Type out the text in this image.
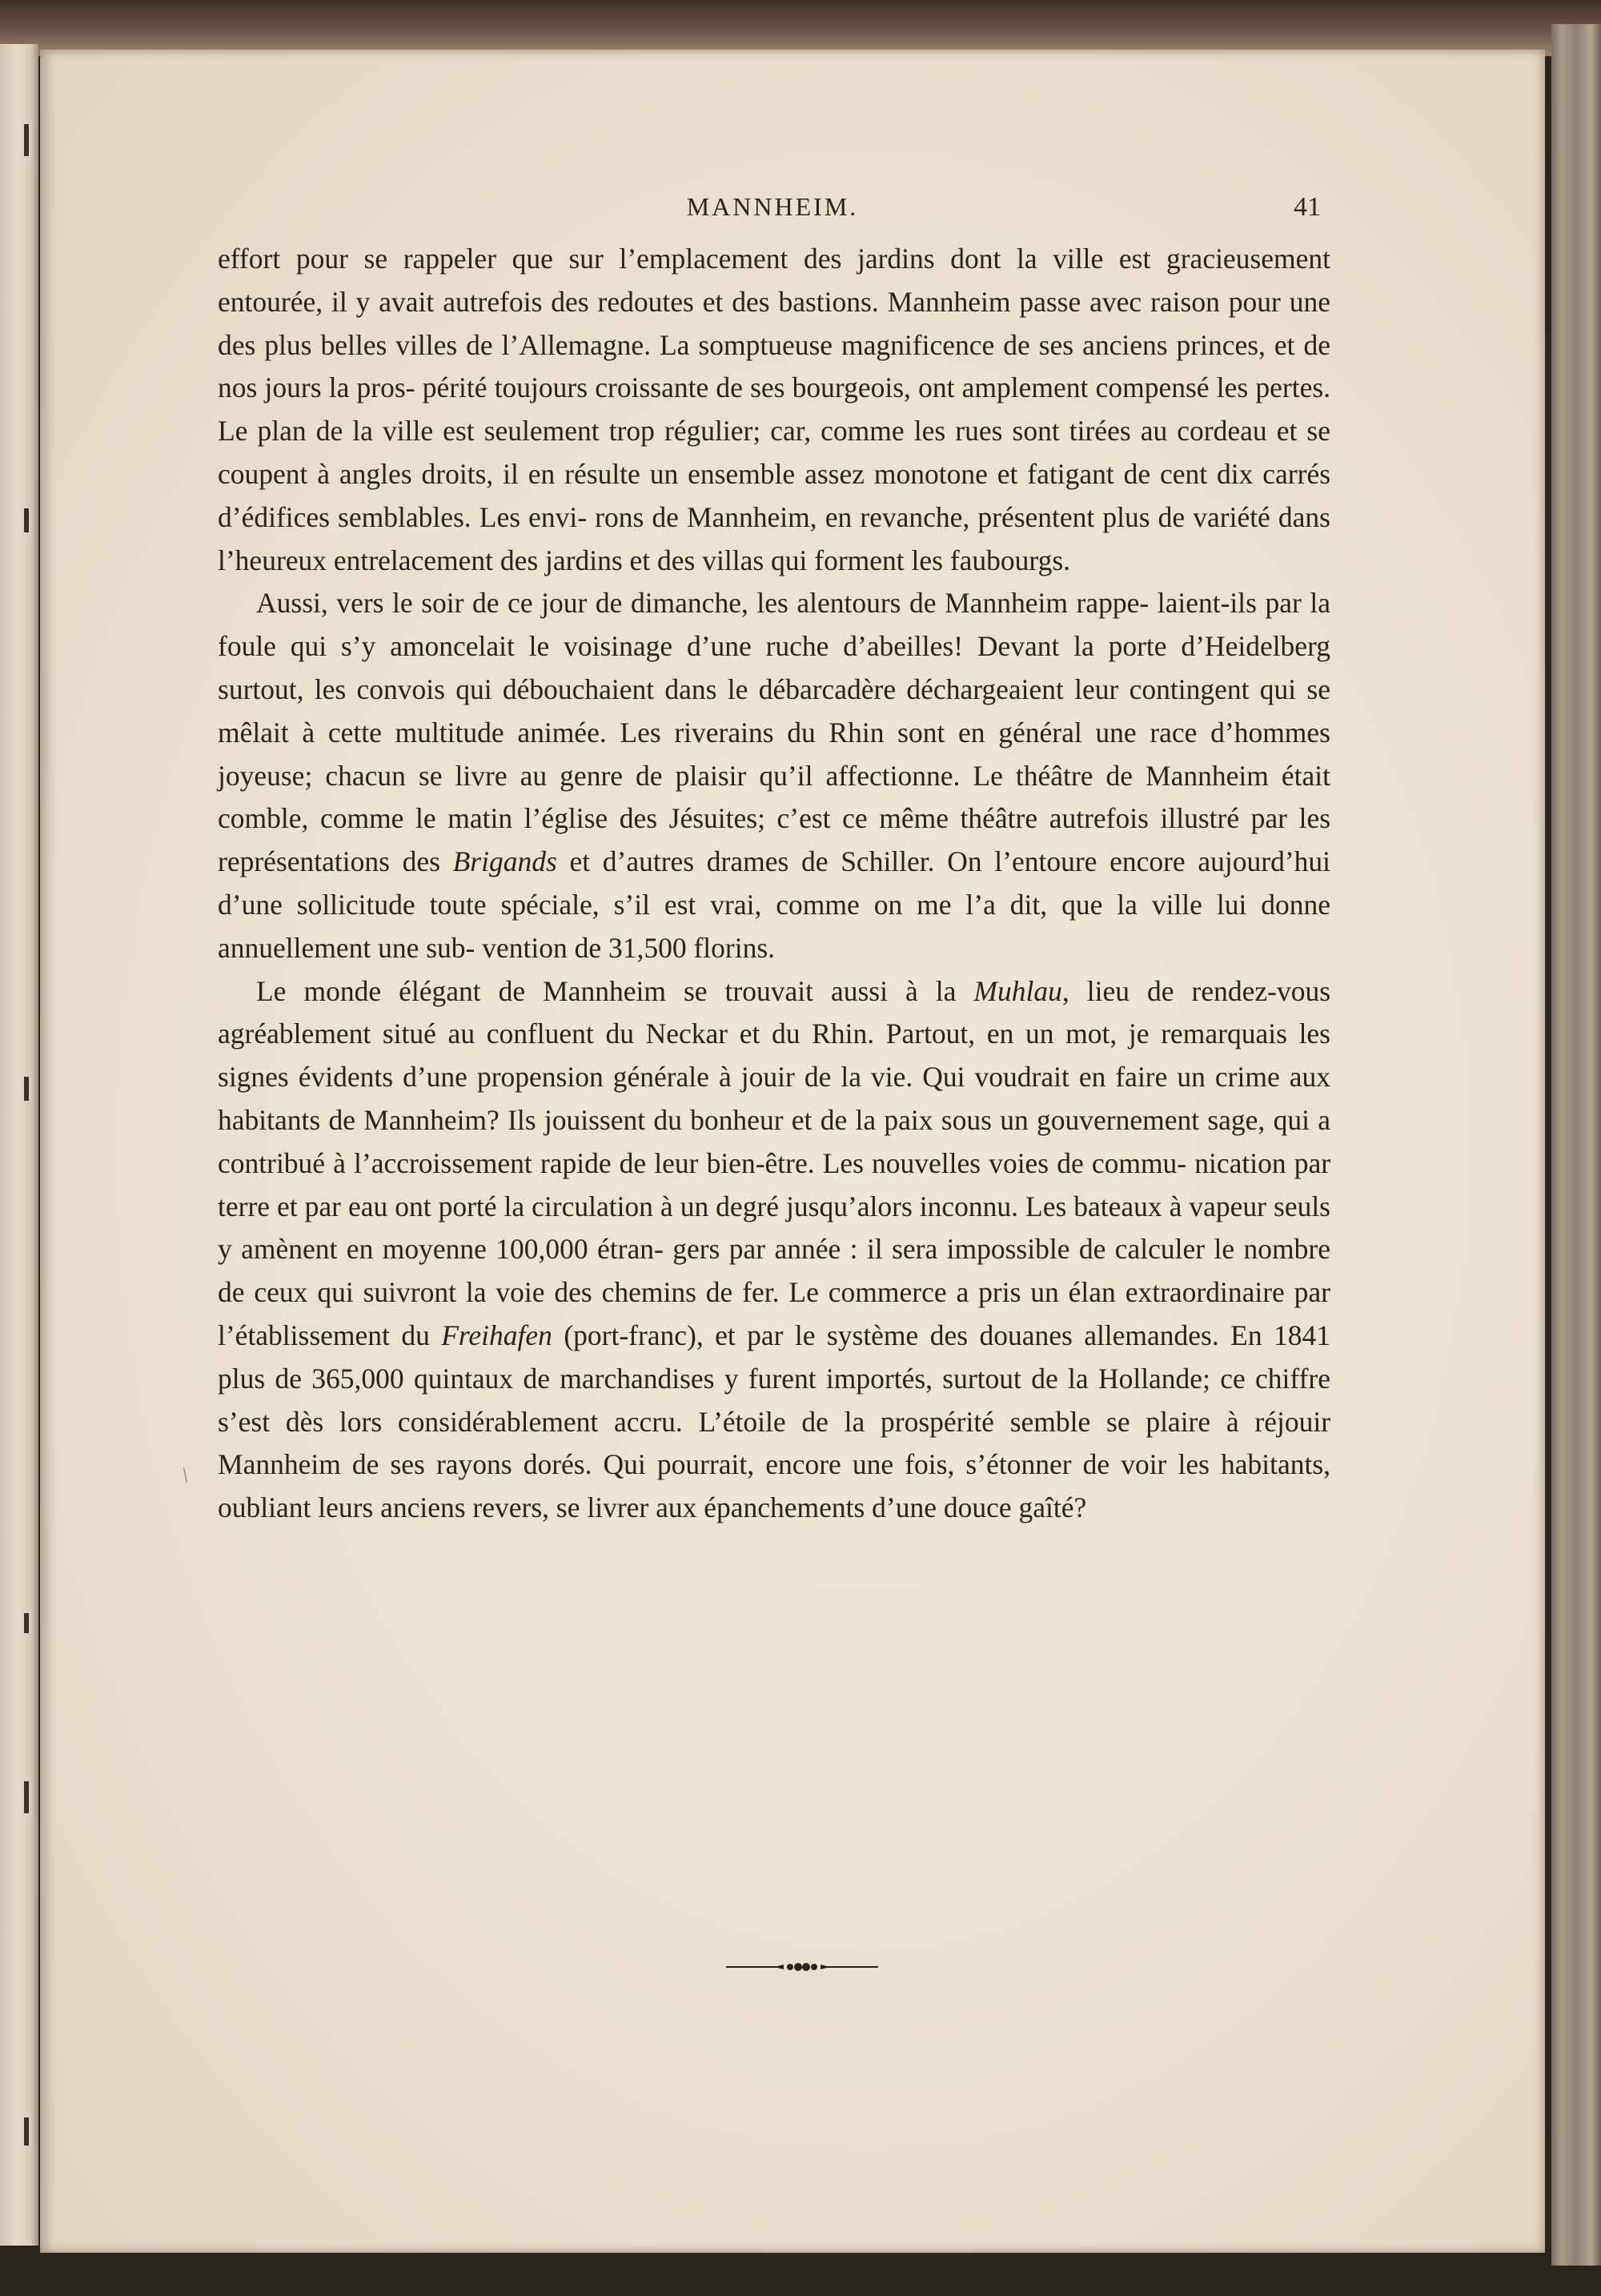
MANNHEIM.	41

effort pour se rappeler que sur l’emplacement des jardins dont la ville est gracieusement entourée, il y avait autrefois des redoutes et des bastions. Mannheim passe avec raison pour une des plus belles villes de l’Allemagne. La somptueuse magnificence de ses anciens princes, et de nos jours la pros- périté toujours croissante de ses bourgeois, ont amplement compensé les pertes. Le plan de la ville est seulement trop régulier; car, comme les rues sont tirées au cordeau et se coupent à angles droits, il en résulte un ensemble assez monotone et fatigant de cent dix carrés d’édifices semblables. Les envi- rons de Mannheim, en revanche, présentent plus de variété dans l’heureux entrelacement des jardins et des villas qui forment les faubourgs.

Aussi, vers le soir de ce jour de dimanche, les alentours de Mannheim rappe- laient-ils par la foule qui s’y amoncelait le voisinage d’une ruche d’abeilles! Devant la porte d’Heidelberg surtout, les convois qui débouchaient dans le débarcadère déchargeaient leur contingent qui se mêlait à cette multitude animée. Les riverains du Rhin sont en général une race d’hommes joyeuse; chacun se livre au genre de plaisir qu’il affectionne. Le théâtre de Mannheim était comble, comme le matin l’église des Jésuites; c’est ce même théâtre autrefois illustré par les représentations des Brigands et d’autres drames de Schiller. On l’entoure encore aujourd’hui d’une sollicitude toute spéciale, s’il est vrai, comme on me l’a dit, que la ville lui donne annuellement une sub- vention de 31,500 florins.

Le monde élégant de Mannheim se trouvait aussi à la Muhlau, lieu de rendez-vous agréablement situé au confluent du Neckar et du Rhin. Partout, en un mot, je remarquais les signes évidents d’une propension générale à jouir de la vie. Qui voudrait en faire un crime aux habitants de Mannheim? Ils jouissent du bonheur et de la paix sous un gouvernement sage, qui a contribué à l’accroissement rapide de leur bien-être. Les nouvelles voies de commu- nication par terre et par eau ont porté la circulation à un degré jusqu’alors inconnu. Les bateaux à vapeur seuls y amènent en moyenne 100,000 étran- gers par année : il sera impossible de calculer le nombre de ceux qui suivront la voie des chemins de fer. Le commerce a pris un élan extraordinaire par l’établissement du Freihafen (port-franc), et par le système des douanes allemandes. En 1841 plus de 365,000 quintaux de marchandises y furent importés, surtout de la Hollande; ce chiffre s’est dès lors considérablement accru. L’étoile de la prospérité semble se plaire à réjouir Mannheim de ses rayons dorés. Qui pourrait, encore une fois, s’étonner de voir les habitants, oubliant leurs anciens revers, se livrer aux épanchements d’une douce gaîté?

/
